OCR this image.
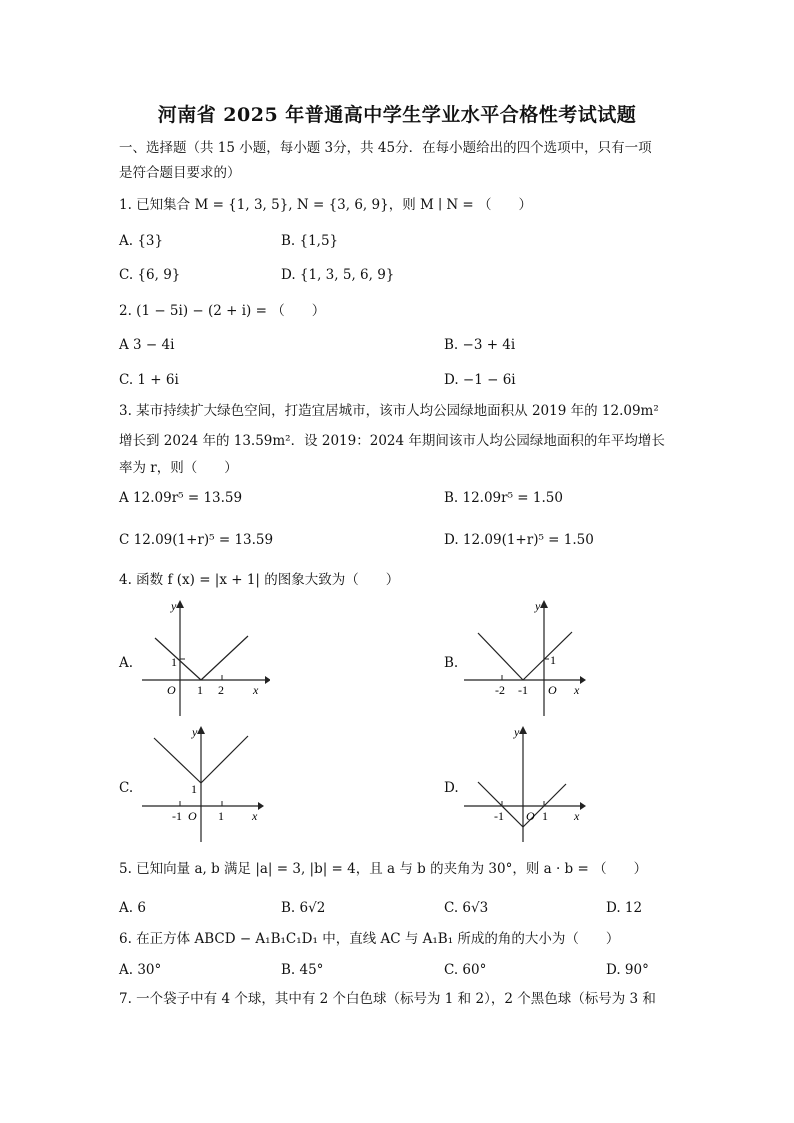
河南省 2025 年普通高中学生学业水平合格性考试试题
一、选择题（共 15 小题，每小题 3分，共 45分．在每小题给出的四个选项中，只有一项
是符合题目要求的）
1. 已知集合 M = {1, 3, 5}, N = {3, 6, 9}，则 M ∣ N = （　　）
A. {3}	B. {1,5}
C. {6, 9}	D. {1, 3, 5, 6, 9}
2. (1 − 5i) − (2 + i) = （　　）
A 3 − 4i	B. −3 + 4i
C. 1 + 6i	D. −1 − 6i
3. 某市持续扩大绿色空间，打造宜居城市，该市人均公园绿地面积从 2019 年的 12.09m²
增长到 2024 年的 13.59m²．设 2019：2024 年期间该市人均公园绿地面积的年平均增长
率为 r，则（　　）
A 12.09r⁵ = 13.59	B. 12.09r⁵ = 1.50
C 12.09(1+r)⁵ = 13.59	D. 12.09(1+r)⁵ = 1.50
4. 函数 f (x) = |x + 1| 的图象大致为（　　）
A.
y
x
O 1 2
1	B.
y
x
O
-2 -1
1
C.
y
x
O
-1	1
1	D.
y
x
O
-1	1
5. 已知向量 a, b 满足 |a| = 3, |b| = 4，且 a 与 b 的夹角为 30°，则 a · b = （　　）
A. 6	B. 6√2	C. 6√3	D. 12
6. 在正方体 ABCD − A₁B₁C₁D₁ 中，直线 AC 与 A₁B₁ 所成的角的大小为（　　）
A. 30°	B. 45°	C. 60°	D. 90°
7. 一个袋子中有 4 个球，其中有 2 个白色球（标号为 1 和 2），2 个黑色球（标号为 3 和
